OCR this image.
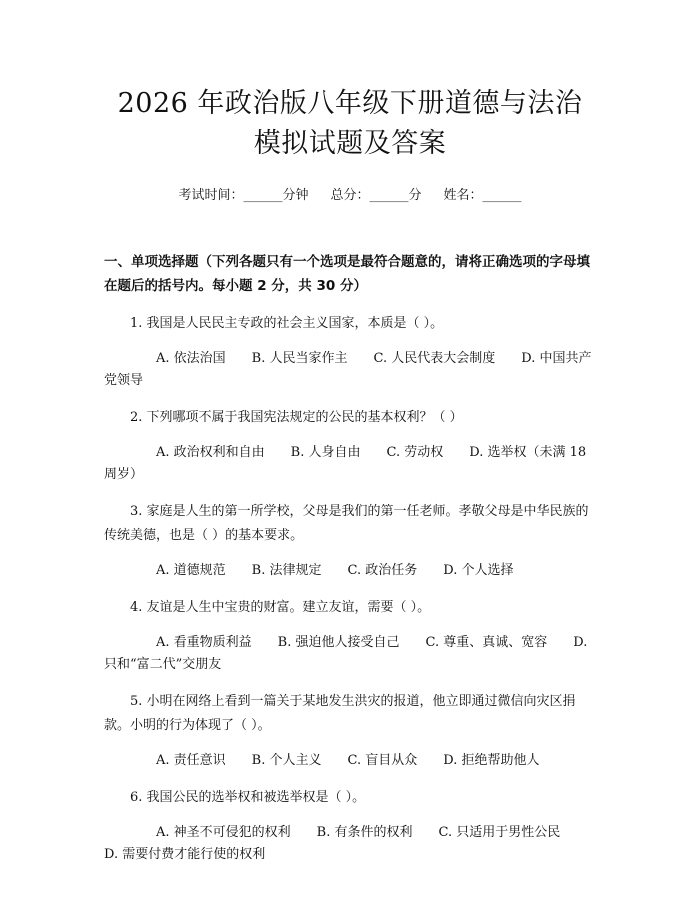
2026 年政治版八年级下册道德与法治模拟试题及答案
考试时间：______分钟 总分：______分 姓名：______
一、单项选择题（下列各题只有一个选项是最符合题意的，请将正确选项的字母填在题后的括号内。每小题 2 分，共 30 分）
1. 我国是人民民主专政的社会主义国家，本质是（ ）。
A. 依法治国 B. 人民当家作主 C. 人民代表大会制度 D. 中国共产党领导
2. 下列哪项不属于我国宪法规定的公民的基本权利？（ ）
A. 政治权利和自由 B. 人身自由 C. 劳动权 D. 选举权（未满 18 周岁）
3. 家庭是人生的第一所学校，父母是我们的第一任老师。孝敬父母是中华民族的传统美德，也是（ ）的基本要求。
A. 道德规范 B. 法律规定 C. 政治任务 D. 个人选择
4. 友谊是人生中宝贵的财富。建立友谊，需要（ ）。
A. 看重物质利益 B. 强迫他人接受自己 C. 尊重、真诚、宽容 D. 只和“富二代”交朋友
5. 小明在网络上看到一篇关于某地发生洪灾的报道，他立即通过微信向灾区捐款。小明的行为体现了（ ）。
A. 责任意识 B. 个人主义 C. 盲目从众 D. 拒绝帮助他人
6. 我国公民的选举权和被选举权是（ ）。
A. 神圣不可侵犯的权利 B. 有条件的权利 C. 只适用于男性公民D. 需要付费才能行使的权利
